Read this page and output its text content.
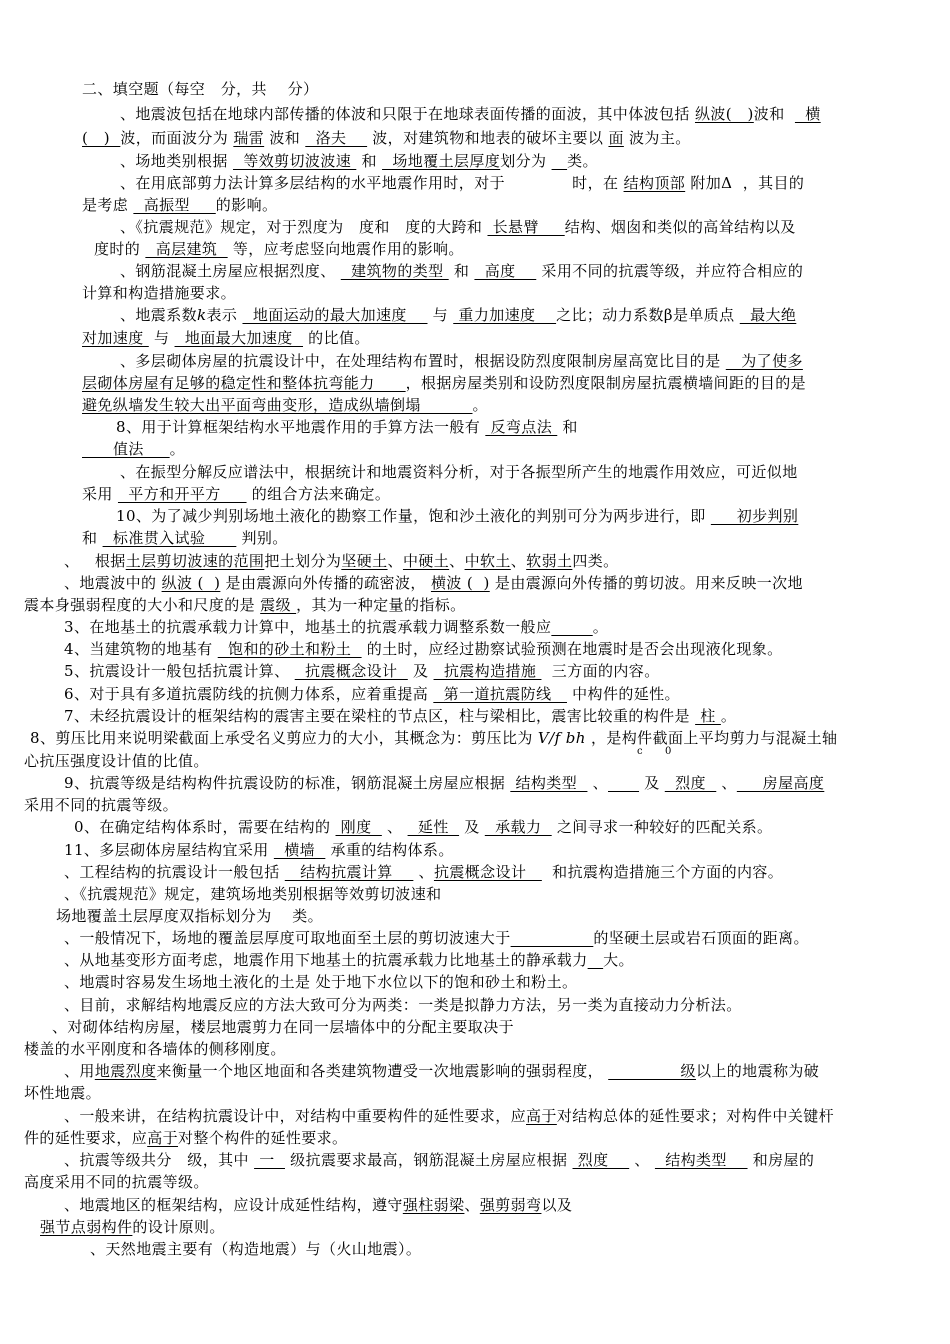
二、填空题（每空   分，共    分）
、地震波包括在地球内部传播的体波和只限于在地球表面传播的面波，其中体波包括 纵波(   )波和    横
(   )  波，而面波分为 瑞雷 波和   洛夫     波，对建筑物和地表的破坏主要以 面 波为主。
、场地类别根据   等效剪切波波速  和   场地覆土层厚度划分为    类。
、在用底部剪力法计算多层结构的水平地震作用时，对于             时，在 结构顶部 附加Δ  ，其目的
是考虑   高振型     的影响。
、《抗震规范》规定，对于烈度为   度和   度的大跨和  长悬臂     结构、烟囱和类似的高耸结构以及
度时的   高层建筑   等，应考虑竖向地震作用的影响。
、钢筋混凝土房屋应根据烈度、   建筑物的类型  和   高度     采用不同的抗震等级，并应符合相应的
计算和构造措施要求。
、地震系数k表示   地面运动的最大加速度     与  重力加速度    之比；动力系数β是单质点   最大绝
对加速度  与   地面最大加速度   的比值。
、多层砌体房屋的抗震设计中，在处理结构布置时，根据设防烈度限制房屋高宽比目的是    为了使多
层砌体房屋有足够的稳定性和整体抗弯能力      ，根据房屋类别和设防烈度限制房屋抗震横墙间距的目的是
避免纵墙发生较大出平面弯曲变形，造成纵墙倒塌          。
8、用于计算框架结构水平地震作用的手算方法一般有  反弯点法  和
值法     。
、在振型分解反应谱法中，根据统计和地震资料分析，对于各振型所产生的地震作用效应，可近似地
采用   平方和开平方      的组合方法来确定。
10、为了减少判别场地土液化的勘察工作量，饱和沙土液化的判别可分为两步进行，即      初步判别
和   标准贯入试验       判别。
、   根据土层剪切波速的范围把土划分为坚硬土、中硬土、中软土、软弱土四类。
、地震波中的 纵波 (  ) 是由震源向外传播的疏密波， 横波 (  ) 是由震源向外传播的剪切波。用来反映一次地
震本身强弱程度的大小和尺度的是 震级 ，其为一种定量的指标。
3、在地基土的抗震承载力计算中，地基土的抗震承载力调整系数一般应	。
4、当建筑物的地基有   饱和的砂土和粉土   的土时，应经过勘察试验预测在地震时是否会出现液化现象。
5、抗震设计一般包括抗震计算、   抗震概念设计   及   抗震构造措施   三方面的内容。
6、对于具有多道抗震防线的抗侧力体系，应着重提高   第一道抗震防线    中构件的延性。
7、未经抗震设计的框架结构的震害主要在梁柱的节点区，柱与梁相比，震害比较重的构件是  柱 。
8、剪压比用来说明梁截面上承受名义剪应力的大小，其概念为：剪压比为 V/f bh ，是构件截面上平均剪力与混凝土轴
心抗压强度设计值的比值。
9、抗震等级是结构构件抗震设防的标准，钢筋混凝土房屋应根据  结构类型   、       及   烈度   、     房屋高度
采用不同的抗震等级。
0、在确定结构体系时，需要在结构的  刚度   、   延性   及   承载力   之间寻求一种较好的匹配关系。
11、多层砌体房屋结构宜采用   横墙   承重的结构体系。
、工程结构的抗震设计一般包括    结构抗震计算     、抗震概念设计     和抗震构造措施三个方面的内容。
、《抗震规范》规定，建筑场地类别根据等效剪切波速和
场地覆盖土层厚度双指标划分为    类。
、一般情况下，场地的覆盖层厚度可取地面至土层的剪切波速大于	的坚硬土层或岩石顶面的距离。
、从地基变形方面考虑，地震作用下地基土的抗震承载力比地基土的静承载力 大。
、地震时容易发生场地土液化的土是 处于地下水位以下的饱和砂土和粉土。
、目前，求解结构地震反应的方法大致可分为两类：一类是拟静力方法，另一类为直接动力分析法。
、对砌体结构房屋，楼层地震剪力在同一层墙体中的分配主要取决于
楼盖的水平刚度和各墙体的侧移刚度。
、用地震烈度来衡量一个地区地面和各类建筑物遭受一次地震影响的强弱程度，               级以上的地震称为破
坏性地震。
、一般来讲，在结构抗震设计中，对结构中重要构件的延性要求，应高于对结构总体的延性要求；对构件中关键杆
件的延性要求，应高于对整个构件的延性要求。
、抗震等级共分   级，其中  一   级抗震要求最高，钢筋混凝土房屋应根据  烈度     、   结构类型     和房屋的
高度采用不同的抗震等级。
、地震地区的框架结构，应设计成延性结构，遵守强柱弱梁、强剪弱弯以及
强节点弱构件的设计原则。
、天然地震主要有（构造地震）与（火山地震）。
c 0
